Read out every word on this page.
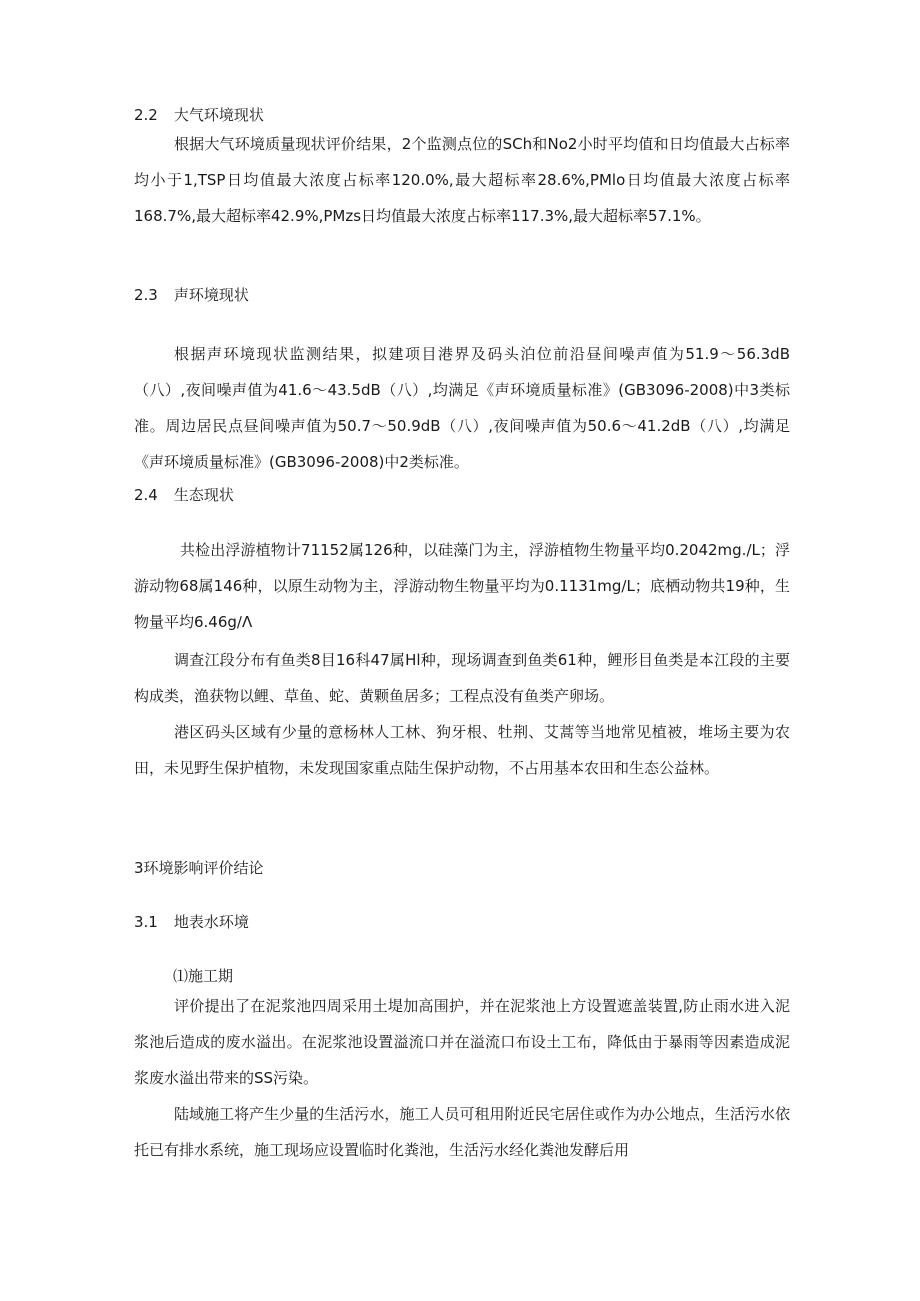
2.2 大气环境现状

根据大气环境质量现状评价结果，2个监测点位的SCh和No2小时平均值和日均值最大占标率均小于1,TSP日均值最大浓度占标率120.0%,最大超标率28.6%,PMlo日均值最大浓度占标率168.7%,最大超标率42.9%,PMzs日均值最大浓度占标率117.3%,最大超标率57.1%。

2.3 声环境现状

根据声环境现状监测结果，拟建项目港界及码头泊位前沿昼间噪声值为51.9～56.3dB（八）,夜间噪声值为41.6～43.5dB（八）,均满足《声环境质量标准》(GB3096-2008)中3类标准。周边居民点昼间噪声值为50.7～50.9dB（八）,夜间噪声值为50.6～41.2dB（八）,均满足《声环境质量标准》(GB3096-2008)中2类标准。

2.4 生态现状

共检出浮游植物计71152属126种，以硅藻门为主，浮游植物生物量平均0.2042mg./L；浮游动物68属146种，以原生动物为主，浮游动物生物量平均为0.1131mg∕L；底栖动物共19种，生物量平均6.46g∕Λ

调查江段分布有鱼类8目16科47属Hl种，现场调查到鱼类61种，鲤形目鱼类是本江段的主要构成类，渔获物以鲤、草鱼、蛇、黄颗鱼居多；工程点没有鱼类产卵场。

港区码头区域有少量的意杨林人工林、狗牙根、牡荆、艾蒿等当地常见植被，堆场主要为农田，未见野生保护植物，未发现国家重点陆生保护动物，不占用基本农田和生态公益林。

3环境影响评价结论
3.1 地表水环境
⑴施工期

评价提出了在泥浆池四周采用土堤加高围护，并在泥浆池上方设置遮盖装置,防止雨水进入泥浆池后造成的废水溢出。在泥浆池设置溢流口并在溢流口布设土工布，降低由于暴雨等因素造成泥浆废水溢出带来的SS污染。

陆域施工将产生少量的生活污水，施工人员可租用附近民宅居住或作为办公地点，生活污水依托已有排水系统，施工现场应设置临时化粪池，生活污水经化粪池发酵后用
